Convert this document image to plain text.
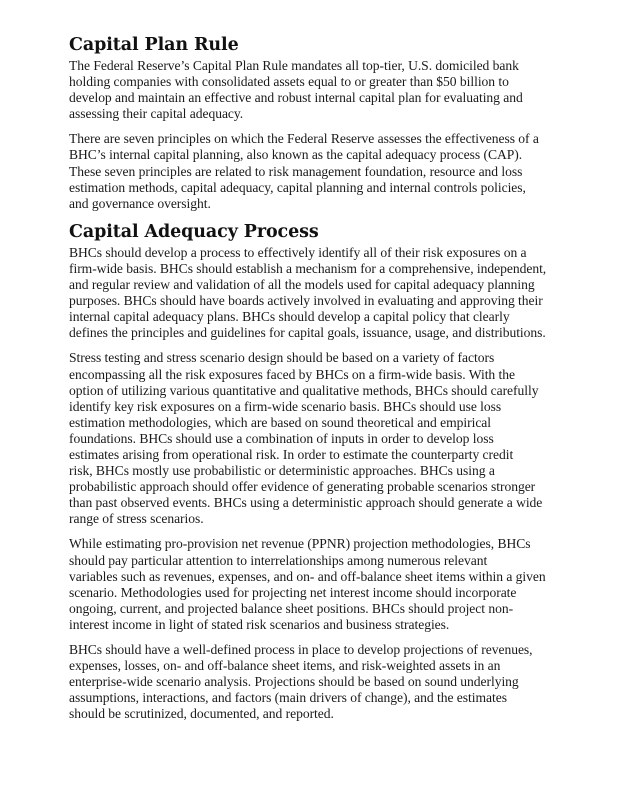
Capital Plan Rule

The Federal Reserve’s Capital Plan Rule mandates all top-tier, U.S. domiciled bank
holding companies with consolidated assets equal to or greater than $50 billion to
develop and maintain an effective and robust internal capital plan for evaluating and
assessing their capital adequacy.

There are seven principles on which the Federal Reserve assesses the effectiveness of a
BHC’s internal capital planning, also known as the capital adequacy process (CAP).
These seven principles are related to risk management foundation, resource and loss
estimation methods, capital adequacy, capital planning and internal controls policies,
and governance oversight.

Capital Adequacy Process

BHCs should develop a process to effectively identify all of their risk exposures on a
firm-wide basis. BHCs should establish a mechanism for a comprehensive, independent,
and regular review and validation of all the models used for capital adequacy planning
purposes. BHCs should have boards actively involved in evaluating and approving their
internal capital adequacy plans. BHCs should develop a capital policy that clearly
defines the principles and guidelines for capital goals, issuance, usage, and distributions.

Stress testing and stress scenario design should be based on a variety of factors
encompassing all the risk exposures faced by BHCs on a firm-wide basis. With the
option of utilizing various quantitative and qualitative methods, BHCs should carefully
identify key risk exposures on a firm-wide scenario basis. BHCs should use loss
estimation methodologies, which are based on sound theoretical and empirical
foundations. BHCs should use a combination of inputs in order to develop loss
estimates arising from operational risk. In order to estimate the counterparty credit
risk, BHCs mostly use probabilistic or deterministic approaches. BHCs using a
probabilistic approach should offer evidence of generating probable scenarios stronger
than past observed events. BHCs using a deterministic approach should generate a wide
range of stress scenarios.

While estimating pro-provision net revenue (PPNR) projection methodologies, BHCs
should pay particular attention to interrelationships among numerous relevant
variables such as revenues, expenses, and on- and off-balance sheet items within a given
scenario. Methodologies used for projecting net interest income should incorporate
ongoing, current, and projected balance sheet positions. BHCs should project non-
interest income in light of stated risk scenarios and business strategies.

BHCs should have a well-defined process in place to develop projections of revenues,
expenses, losses, on- and off-balance sheet items, and risk-weighted assets in an
enterprise-wide scenario analysis. Projections should be based on sound underlying
assumptions, interactions, and factors (main drivers of change), and the estimates
should be scrutinized, documented, and reported.
